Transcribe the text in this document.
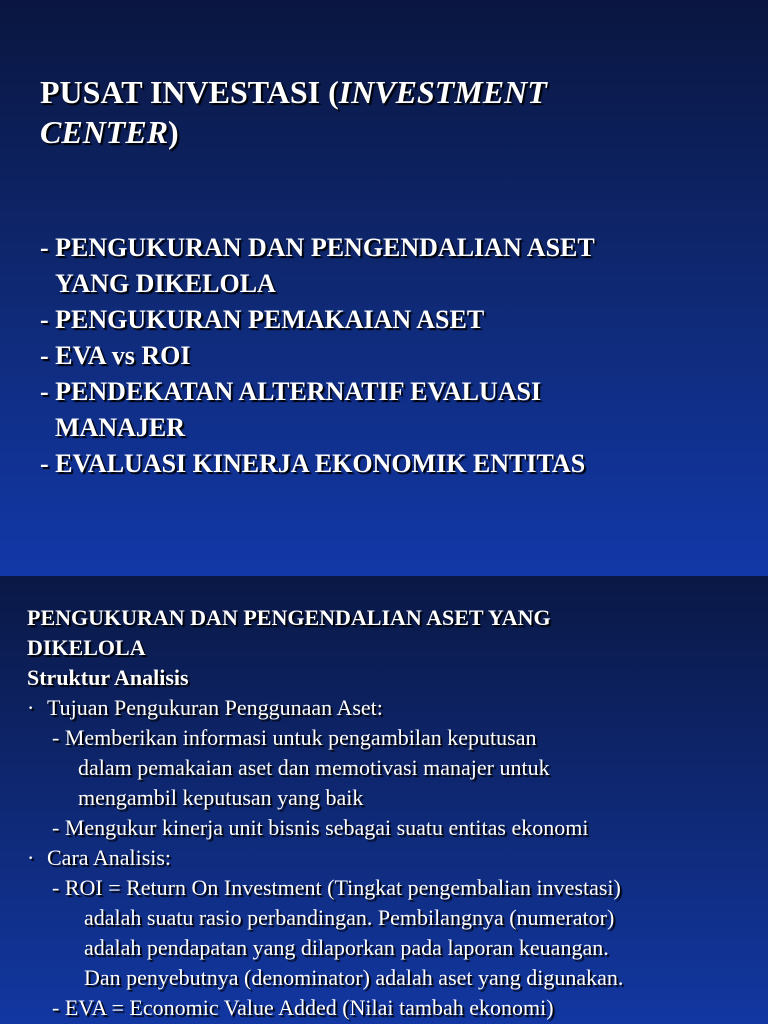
PUSAT INVESTASI (INVESTMENT
CENTER)
- PENGUKURAN DAN PENGENDALIAN ASET
YANG DIKELOLA
- PENGUKURAN PEMAKAIAN ASET
- EVA vs ROI
- PENDEKATAN ALTERNATIF EVALUASI
MANAJER
- EVALUASI KINERJA EKONOMIK ENTITAS

PENGUKURAN DAN PENGENDALIAN ASET YANG
DIKELOLA

Struktur Analisis

· Tujuan Pengukuran Penggunaan Aset:

- Memberikan informasi untuk pengambilan keputusan

dalam pemakaian aset dan memotivasi manajer untuk

mengambil keputusan yang baik

- Mengukur kinerja unit bisnis sebagai suatu entitas ekonomi

· Cara Analisis:

- ROI = Return On Investment (Tingkat pengembalian investasi)

adalah suatu rasio perbandingan. Pembilangnya (numerator)

adalah pendapatan yang dilaporkan pada laporan keuangan.

Dan penyebutnya (denominator) adalah aset yang digunakan.

- EVA = Economic Value Added (Nilai tambah ekonomi)
